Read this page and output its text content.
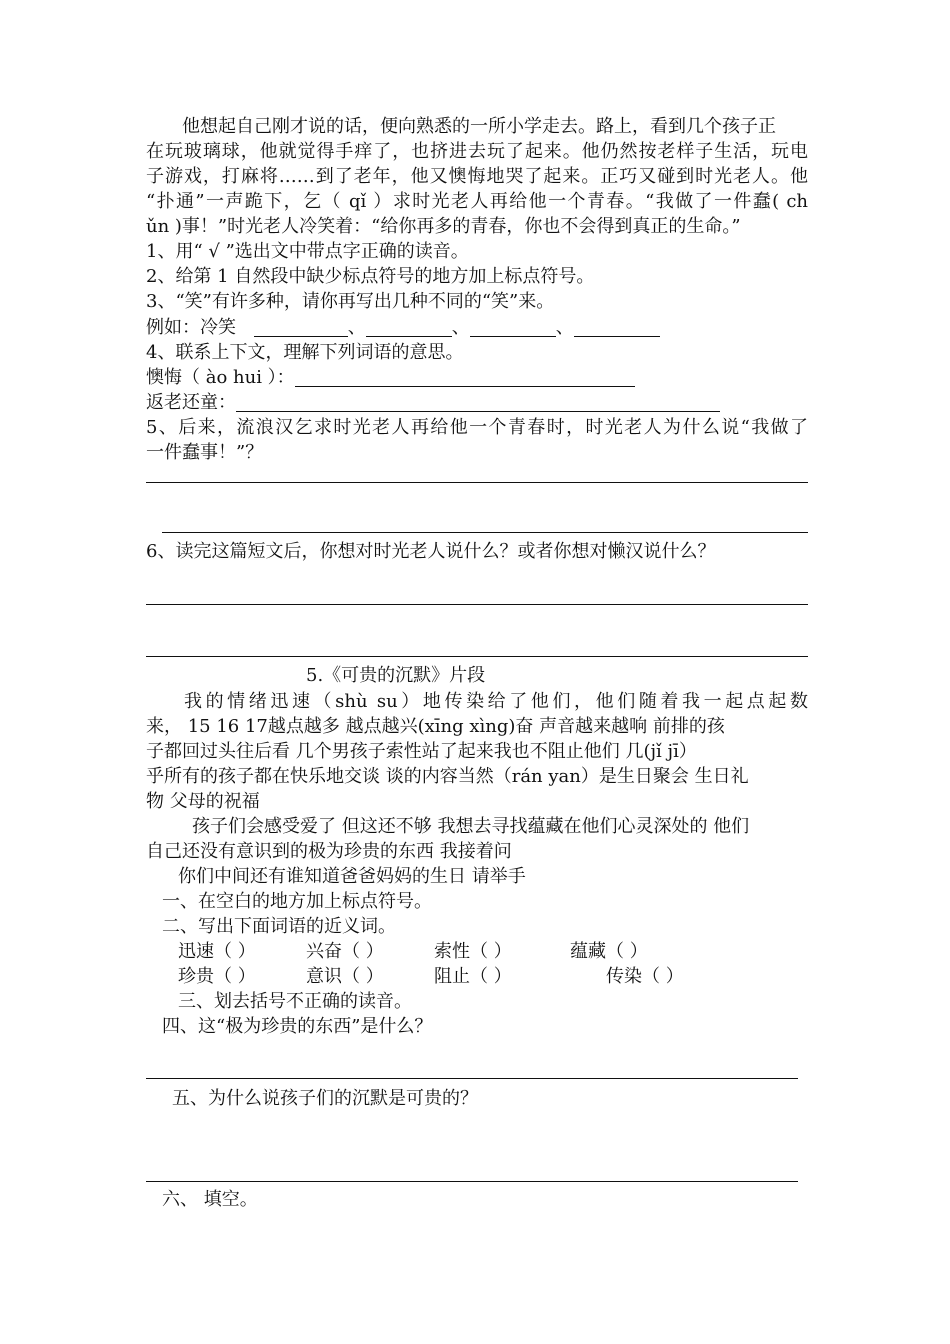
他想起自己刚才说的话，便向熟悉的一所小学走去。路上，看到几个孩子正
在玩玻璃球，他就觉得手痒了，也挤进去玩了起来。他仍然按老样子生活，玩电
子游戏，打麻将……到了老年，他又懊悔地哭了起来。正巧又碰到时光老人。他
“扑通”一声跪下，乞（ qǐ ）求时光老人再给他一个青春。“我做了一件蠢( ch
ǔn )事！”时光老人冷笑着：“给你再多的青春，你也不会得到真正的生命。”
1、用“ √ ”选出文中带点字正确的读音。
2、给第 1 自然段中缺少标点符号的地方加上标点符号。
3、“笑”有许多种，请你再写出几种不同的“笑”来。
例如：冷笑	、	、	、
4、联系上下文，理解下列词语的意思。
懊悔（ ào hui ）：
返老还童：
5、后来，流浪汉乞求时光老人再给他一个青春时，时光老人为什么说“我做了
一件蠢事！”？
6、读完这篇短文后，你想对时光老人说什么？或者你想对懒汉说什么？
5.《可贵的沉默》片段
我的情绪迅速（shù su）地传染给了他们，他们随着我一起点起数
来， 15 16 17越点越多 越点越兴(xīng xìng)奋 声音越来越响 前排的孩
子都回过头往后看 几个男孩子索性站了起来我也不阻止他们 几(jǐ jī）
乎所有的孩子都在快乐地交谈 谈的内容当然（rán yan）是生日聚会 生日礼
物 父母的祝福
孩子们会感受爱了 但这还不够 我想去寻找蕴藏在他们心灵深处的 他们
自己还没有意识到的极为珍贵的东西 我接着问
你们中间还有谁知道爸爸妈妈的生日 请举手
一、在空白的地方加上标点符号。
二、写出下面词语的近义词。
迅速（ ）	兴奋（ ）	索性（ ）	蕴藏（ ）
珍贵（ ）	意识（ ）	阻止（ ）	传染（ ）
三、划去括号不正确的读音。
四、这“极为珍贵的东西”是什么？
五、为什么说孩子们的沉默是可贵的？
六、 填空。
